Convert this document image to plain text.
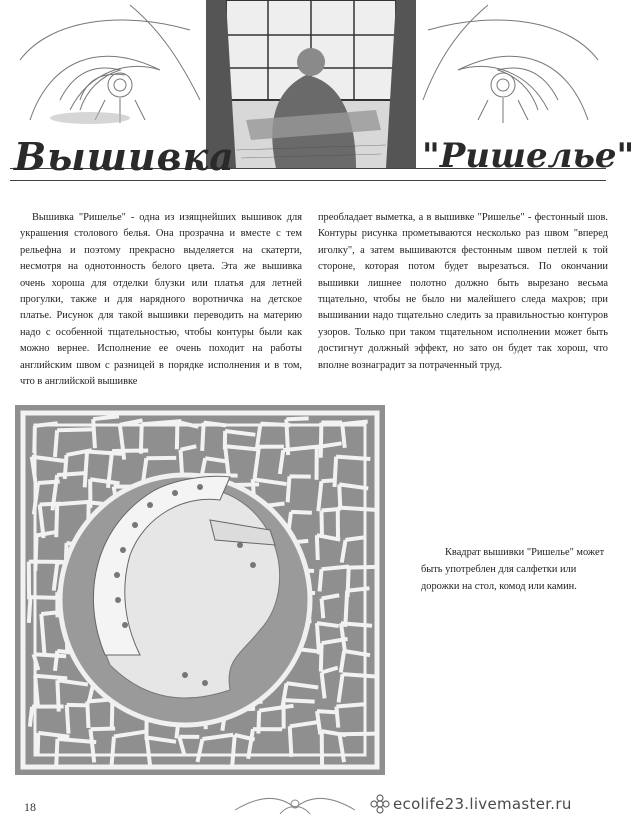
Вышивка	"Ришелье"

Вышивка "Ришелье" - одна из изящнейших вышивок для украшения столового белья. Она прозрачна и вместе с тем рельефна и поэтому прекрасно выделяется на скатерти, несмотря на однотонность белого цвета. Эта же вышивка очень хороша для отделки блузки или платья для летней прогулки, также и для нарядного воротничка на детское платье. Рисунок для такой вышивки переводить на материю надо с особенной тщательностью, чтобы контуры были как можно вернее. Исполнение ее очень походит на работы английским швом с разницей в порядке исполнения и в том, что в английской вышивке

преобладает выметка, а в вышивке "Ришелье" - фестонный шов. Контуры рисунка прометываются несколько раз швом "вперед иголку", а затем вышиваются фестонным швом петлей к той стороне, которая потом будет вырезаться. По окончании вышивки лишнее полотно должно быть вырезано весьма тщательно, чтобы не было ни малейшего следа махров; при вышивании надо тщательно следить за правильностью контуров узоров. Только при таком тщательном исполнении может быть достигнут должный эффект, но зато он будет так хорош, что вполне вознаградит за потраченный труд.

Квадрат вышивки "Ришелье" может быть употреблен для салфетки или дорожки на стол, комод или камин.

18	ecolife23.livemaster.ru
